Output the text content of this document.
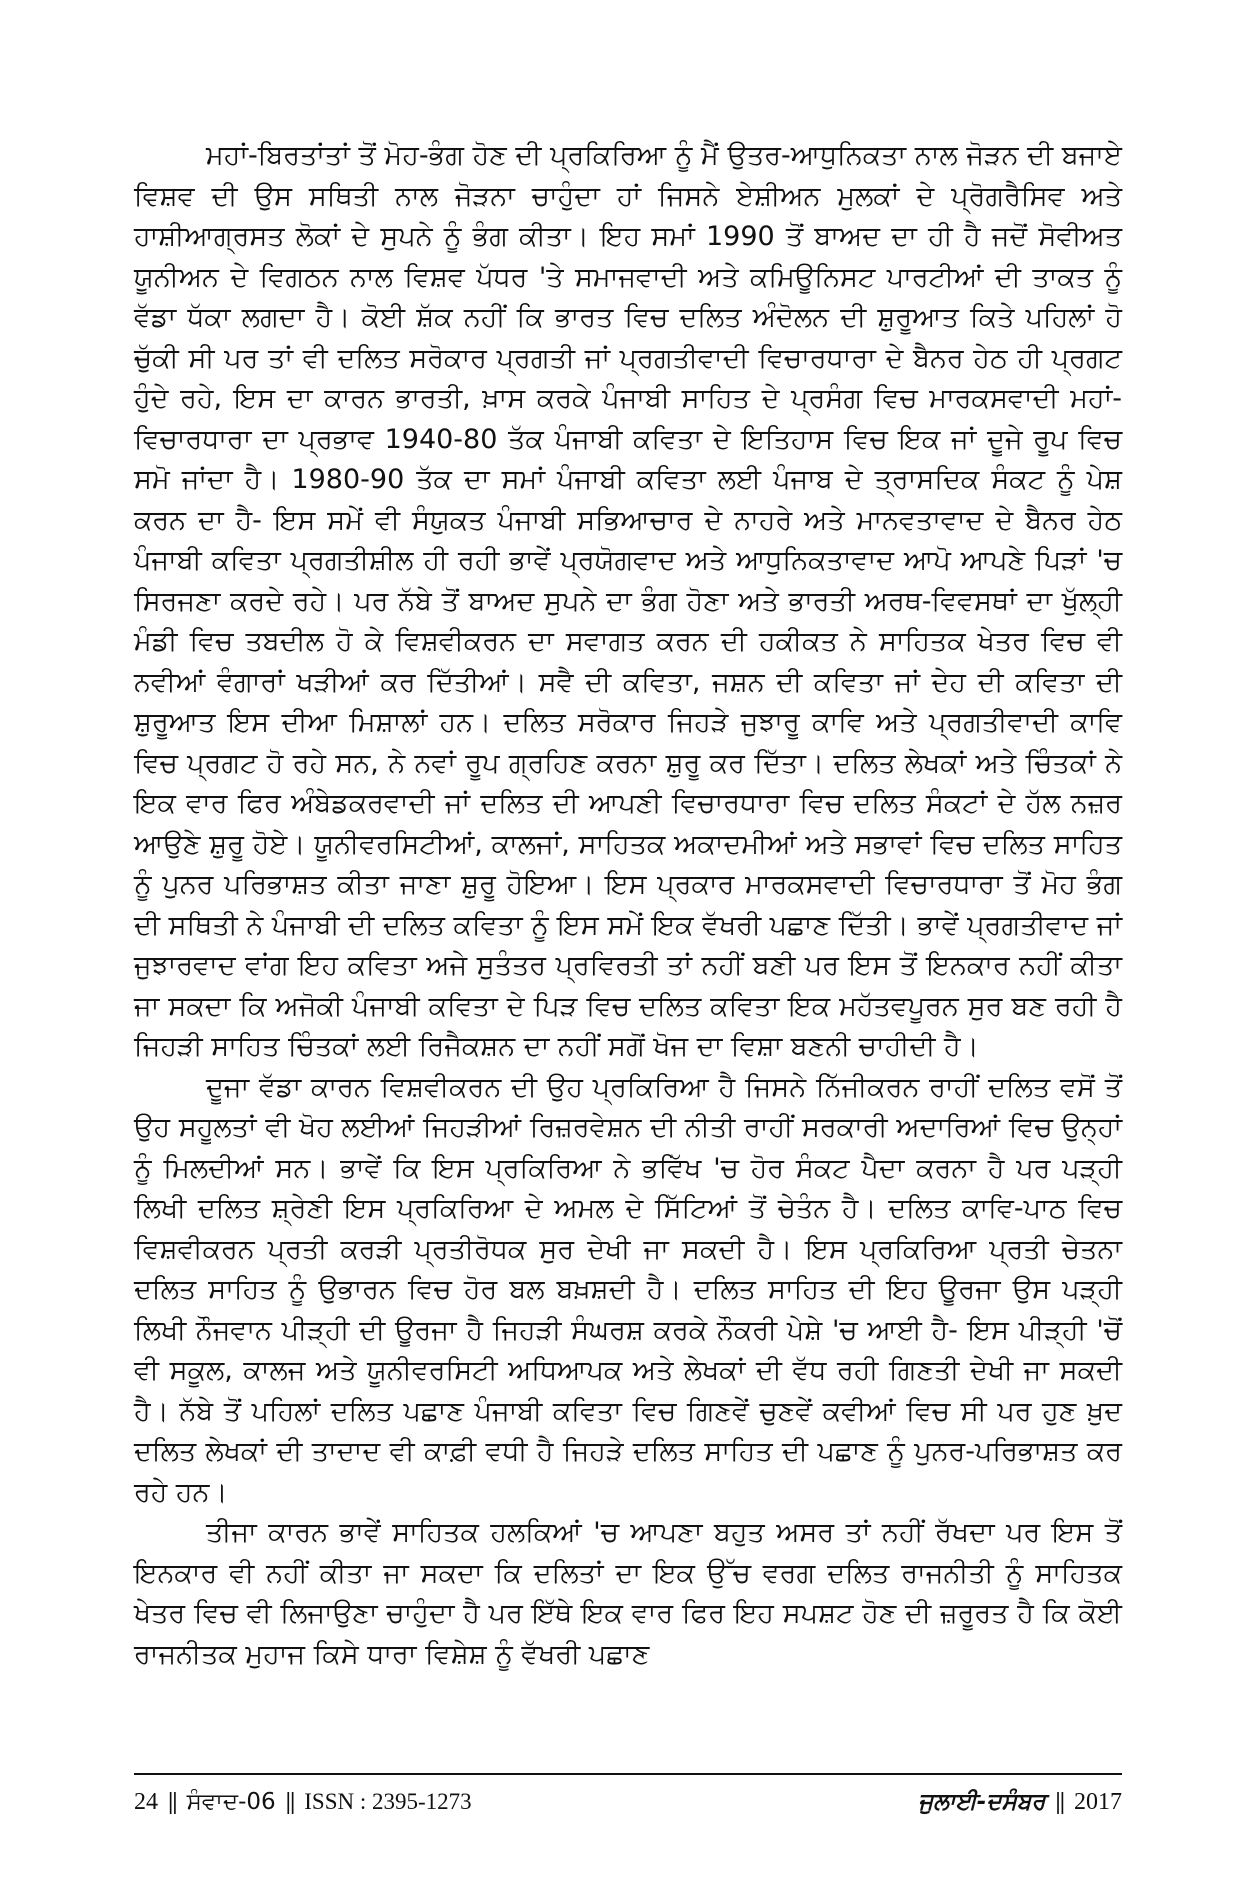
ਮਹਾਂ-ਬਿਰਤਾਂਤਾਂ ਤੋਂ ਮੋਹ-ਭੰਗ ਹੋਣ ਦੀ ਪ੍ਰਕਿਰਿਆ ਨੂੰ ਮੈਂ ਉਤਰ-ਆਧੁਨਿਕਤਾ ਨਾਲ ਜੋੜਨ ਦੀ ਬਜਾਏ ਵਿਸ਼ਵ ਦੀ ਉਸ ਸਥਿਤੀ ਨਾਲ ਜੋੜਨਾ ਚਾਹੁੰਦਾ ਹਾਂ ਜਿਸਨੇ ਏਸ਼ੀਅਨ ਮੁਲਕਾਂ ਦੇ ਪ੍ਰੋਗਰੈਸਿਵ ਅਤੇ ਹਾਸ਼ੀਆਗ੍ਰਸਤ ਲੋਕਾਂ ਦੇ ਸੁਪਨੇ ਨੂੰ ਭੰਗ ਕੀਤਾ। ਇਹ ਸਮਾਂ 1990 ਤੋਂ ਬਾਅਦ ਦਾ ਹੀ ਹੈ ਜਦੋਂ ਸੋਵੀਅਤ ਯੂਨੀਅਨ ਦੇ ਵਿਗਠਨ ਨਾਲ ਵਿਸ਼ਵ ਪੱਧਰ 'ਤੇ ਸਮਾਜਵਾਦੀ ਅਤੇ ਕਮਿਊਨਿਸਟ ਪਾਰਟੀਆਂ ਦੀ ਤਾਕਤ ਨੂੰ ਵੱਡਾ ਧੱਕਾ ਲਗਦਾ ਹੈ। ਕੋਈ ਸ਼ੱਕ ਨਹੀਂ ਕਿ ਭਾਰਤ ਵਿਚ ਦਲਿਤ ਅੰਦੋਲਨ ਦੀ ਸ਼ੁਰੂਆਤ ਕਿਤੇ ਪਹਿਲਾਂ ਹੋ ਚੁੱਕੀ ਸੀ ਪਰ ਤਾਂ ਵੀ ਦਲਿਤ ਸਰੋਕਾਰ ਪ੍ਰਗਤੀ ਜਾਂ ਪ੍ਰਗਤੀਵਾਦੀ ਵਿਚਾਰਧਾਰਾ ਦੇ ਬੈਨਰ ਹੇਠ ਹੀ ਪ੍ਰਗਟ ਹੁੰਦੇ ਰਹੇ, ਇਸ ਦਾ ਕਾਰਨ ਭਾਰਤੀ, ਖ਼ਾਸ ਕਰਕੇ ਪੰਜਾਬੀ ਸਾਹਿਤ ਦੇ ਪ੍ਰਸੰਗ ਵਿਚ ਮਾਰਕਸਵਾਦੀ ਮਹਾਂ-ਵਿਚਾਰਧਾਰਾ ਦਾ ਪ੍ਰਭਾਵ 1940-80 ਤੱਕ ਪੰਜਾਬੀ ਕਵਿਤਾ ਦੇ ਇਤਿਹਾਸ ਵਿਚ ਇਕ ਜਾਂ ਦੂਜੇ ਰੂਪ ਵਿਚ ਸਮੋ ਜਾਂਦਾ ਹੈ। 1980-90 ਤੱਕ ਦਾ ਸਮਾਂ ਪੰਜਾਬੀ ਕਵਿਤਾ ਲਈ ਪੰਜਾਬ ਦੇ ਤ੍ਰਾਸਦਿਕ ਸੰਕਟ ਨੂੰ ਪੇਸ਼ ਕਰਨ ਦਾ ਹੈ- ਇਸ ਸਮੇਂ ਵੀ ਸੰਯੁਕਤ ਪੰਜਾਬੀ ਸਭਿਆਚਾਰ ਦੇ ਨਾਹਰੇ ਅਤੇ ਮਾਨਵਤਾਵਾਦ ਦੇ ਬੈਨਰ ਹੇਠ ਪੰਜਾਬੀ ਕਵਿਤਾ ਪ੍ਰਗਤੀਸ਼ੀਲ ਹੀ ਰਹੀ ਭਾਵੇਂ ਪ੍ਰਯੋਗਵਾਦ ਅਤੇ ਆਧੁਨਿਕਤਾਵਾਦ ਆਪੋ ਆਪਣੇ ਪਿੜਾਂ 'ਚ ਸਿਰਜਣਾ ਕਰਦੇ ਰਹੇ। ਪਰ ਨੱਬੇ ਤੋਂ ਬਾਅਦ ਸੁਪਨੇ ਦਾ ਭੰਗ ਹੋਣਾ ਅਤੇ ਭਾਰਤੀ ਅਰਥ-ਵਿਵਸਥਾਂ ਦਾ ਖੁੱਲ੍ਹੀ ਮੰਡੀ ਵਿਚ ਤਬਦੀਲ ਹੋ ਕੇ ਵਿਸ਼ਵੀਕਰਨ ਦਾ ਸਵਾਗਤ ਕਰਨ ਦੀ ਹਕੀਕਤ ਨੇ ਸਾਹਿਤਕ ਖੇਤਰ ਵਿਚ ਵੀ ਨਵੀਆਂ ਵੰਗਾਰਾਂ ਖੜੀਆਂ ਕਰ ਦਿੱਤੀਆਂ। ਸਵੈ ਦੀ ਕਵਿਤਾ, ਜਸ਼ਨ ਦੀ ਕਵਿਤਾ ਜਾਂ ਦੇਹ ਦੀ ਕਵਿਤਾ ਦੀ ਸ਼ੁਰੂਆਤ ਇਸ ਦੀਆ ਮਿਸ਼ਾਲਾਂ ਹਨ। ਦਲਿਤ ਸਰੋਕਾਰ ਜਿਹੜੇ ਜੁਝਾਰੂ ਕਾਵਿ ਅਤੇ ਪ੍ਰਗਤੀਵਾਦੀ ਕਾਵਿ ਵਿਚ ਪ੍ਰਗਟ ਹੋ ਰਹੇ ਸਨ, ਨੇ ਨਵਾਂ ਰੂਪ ਗ੍ਰਹਿਣ ਕਰਨਾ ਸ਼ੁਰੂ ਕਰ ਦਿੱਤਾ। ਦਲਿਤ ਲੇਖਕਾਂ ਅਤੇ ਚਿੰਤਕਾਂ ਨੇ ਇਕ ਵਾਰ ਫਿਰ ਅੰਬੇਡਕਰਵਾਦੀ ਜਾਂ ਦਲਿਤ ਦੀ ਆਪਣੀ ਵਿਚਾਰਧਾਰਾ ਵਿਚ ਦਲਿਤ ਸੰਕਟਾਂ ਦੇ ਹੱਲ ਨਜ਼ਰ ਆਉਣੇ ਸ਼ੁਰੂ ਹੋਏ। ਯੂਨੀਵਰਸਿਟੀਆਂ, ਕਾਲਜਾਂ, ਸਾਹਿਤਕ ਅਕਾਦਮੀਆਂ ਅਤੇ ਸਭਾਵਾਂ ਵਿਚ ਦਲਿਤ ਸਾਹਿਤ ਨੂੰ ਪੁਨਰ ਪਰਿਭਾਸ਼ਤ ਕੀਤਾ ਜਾਣਾ ਸ਼ੁਰੂ ਹੋਇਆ। ਇਸ ਪ੍ਰਕਾਰ ਮਾਰਕਸਵਾਦੀ ਵਿਚਾਰਧਾਰਾ ਤੋਂ ਮੋਹ ਭੰਗ ਦੀ ਸਥਿਤੀ ਨੇ ਪੰਜਾਬੀ ਦੀ ਦਲਿਤ ਕਵਿਤਾ ਨੂੰ ਇਸ ਸਮੇਂ ਇਕ ਵੱਖਰੀ ਪਛਾਣ ਦਿੱਤੀ। ਭਾਵੇਂ ਪ੍ਰਗਤੀਵਾਦ ਜਾਂ ਜੁਝਾਰਵਾਦ ਵਾਂਗ ਇਹ ਕਵਿਤਾ ਅਜੇ ਸੁਤੰਤਰ ਪ੍ਰਵਿਰਤੀ ਤਾਂ ਨਹੀਂ ਬਣੀ ਪਰ ਇਸ ਤੋਂ ਇਨਕਾਰ ਨਹੀਂ ਕੀਤਾ ਜਾ ਸਕਦਾ ਕਿ ਅਜੋਕੀ ਪੰਜਾਬੀ ਕਵਿਤਾ ਦੇ ਪਿੜ ਵਿਚ ਦਲਿਤ ਕਵਿਤਾ ਇਕ ਮਹੱਤਵਪੂਰਨ ਸੁਰ ਬਣ ਰਹੀ ਹੈ ਜਿਹੜੀ ਸਾਹਿਤ ਚਿੰਤਕਾਂ ਲਈ ਰਿਜੈਕਸ਼ਨ ਦਾ ਨਹੀਂ ਸਗੋਂ ਖੋਜ ਦਾ ਵਿਸ਼ਾ ਬਣਨੀ ਚਾਹੀਦੀ ਹੈ।

ਦੂਜਾ ਵੱਡਾ ਕਾਰਨ ਵਿਸ਼ਵੀਕਰਨ ਦੀ ਉਹ ਪ੍ਰਕਿਰਿਆ ਹੈ ਜਿਸਨੇ ਨਿੱਜੀਕਰਨ ਰਾਹੀਂ ਦਲਿਤ ਵਸੋਂ ਤੋਂ ਉਹ ਸਹੂਲਤਾਂ ਵੀ ਖੋਹ ਲਈਆਂ ਜਿਹੜੀਆਂ ਰਿਜ਼ਰਵੇਸ਼ਨ ਦੀ ਨੀਤੀ ਰਾਹੀਂ ਸਰਕਾਰੀ ਅਦਾਰਿਆਂ ਵਿਚ ਉਨ੍ਹਾਂ ਨੂੰ ਮਿਲਦੀਆਂ ਸਨ। ਭਾਵੇਂ ਕਿ ਇਸ ਪ੍ਰਕਿਰਿਆ ਨੇ ਭਵਿੱਖ 'ਚ ਹੋਰ ਸੰਕਟ ਪੈਦਾ ਕਰਨਾ ਹੈ ਪਰ ਪੜ੍ਹੀ ਲਿਖੀ ਦਲਿਤ ਸ਼੍ਰੇਣੀ ਇਸ ਪ੍ਰਕਿਰਿਆ ਦੇ ਅਮਲ ਦੇ ਸਿੱਟਿਆਂ ਤੋਂ ਚੇਤੰਨ ਹੈ। ਦਲਿਤ ਕਾਵਿ-ਪਾਠ ਵਿਚ ਵਿਸ਼ਵੀਕਰਨ ਪ੍ਰਤੀ ਕਰੜੀ ਪ੍ਰਤੀਰੋਧਕ ਸੁਰ ਦੇਖੀ ਜਾ ਸਕਦੀ ਹੈ। ਇਸ ਪ੍ਰਕਿਰਿਆ ਪ੍ਰਤੀ ਚੇਤਨਾ ਦਲਿਤ ਸਾਹਿਤ ਨੂੰ ਉਭਾਰਨ ਵਿਚ ਹੋਰ ਬਲ ਬਖ਼ਸ਼ਦੀ ਹੈ। ਦਲਿਤ ਸਾਹਿਤ ਦੀ ਇਹ ਊਰਜਾ ਉਸ ਪੜ੍ਹੀ ਲਿਖੀ ਨੌਜਵਾਨ ਪੀੜ੍ਹੀ ਦੀ ਊਰਜਾ ਹੈ ਜਿਹੜੀ ਸੰਘਰਸ਼ ਕਰਕੇ ਨੌਕਰੀ ਪੇਸ਼ੇ 'ਚ ਆਈ ਹੈ- ਇਸ ਪੀੜ੍ਹੀ 'ਚੋਂ ਵੀ ਸਕੂਲ, ਕਾਲਜ ਅਤੇ ਯੂਨੀਵਰਸਿਟੀ ਅਧਿਆਪਕ ਅਤੇ ਲੇਖਕਾਂ ਦੀ ਵੱਧ ਰਹੀ ਗਿਣਤੀ ਦੇਖੀ ਜਾ ਸਕਦੀ ਹੈ। ਨੱਬੇ ਤੋਂ ਪਹਿਲਾਂ ਦਲਿਤ ਪਛਾਣ ਪੰਜਾਬੀ ਕਵਿਤਾ ਵਿਚ ਗਿਣਵੇਂ ਚੁਣਵੇਂ ਕਵੀਆਂ ਵਿਚ ਸੀ ਪਰ ਹੁਣ ਖ਼ੁਦ ਦਲਿਤ ਲੇਖਕਾਂ ਦੀ ਤਾਦਾਦ ਵੀ ਕਾਫ਼ੀ ਵਧੀ ਹੈ ਜਿਹੜੇ ਦਲਿਤ ਸਾਹਿਤ ਦੀ ਪਛਾਣ ਨੂੰ ਪੁਨਰ-ਪਰਿਭਾਸ਼ਤ ਕਰ ਰਹੇ ਹਨ।

ਤੀਜਾ ਕਾਰਨ ਭਾਵੇਂ ਸਾਹਿਤਕ ਹਲਕਿਆਂ 'ਚ ਆਪਣਾ ਬਹੁਤ ਅਸਰ ਤਾਂ ਨਹੀਂ ਰੱਖਦਾ ਪਰ ਇਸ ਤੋਂ ਇਨਕਾਰ ਵੀ ਨਹੀਂ ਕੀਤਾ ਜਾ ਸਕਦਾ ਕਿ ਦਲਿਤਾਂ ਦਾ ਇਕ ਉੱਚ ਵਰਗ ਦਲਿਤ ਰਾਜਨੀਤੀ ਨੂੰ ਸਾਹਿਤਕ ਖੇਤਰ ਵਿਚ ਵੀ ਲਿਜਾਉਣਾ ਚਾਹੁੰਦਾ ਹੈ ਪਰ ਇੱਥੇ ਇਕ ਵਾਰ ਫਿਰ ਇਹ ਸਪਸ਼ਟ ਹੋਣ ਦੀ ਜ਼ਰੂਰਤ ਹੈ ਕਿ ਕੋਈ ਰਾਜਨੀਤਕ ਮੁਹਾਜ ਕਿਸੇ ਧਾਰਾ ਵਿਸ਼ੇਸ਼ ਨੂੰ ਵੱਖਰੀ ਪਛਾਣ

24 || ਸੰਵਾਦ-06 || ISSN : 2395-1273	ਜੁਲਾਈ-ਦਸੰਬਰ || 2017
